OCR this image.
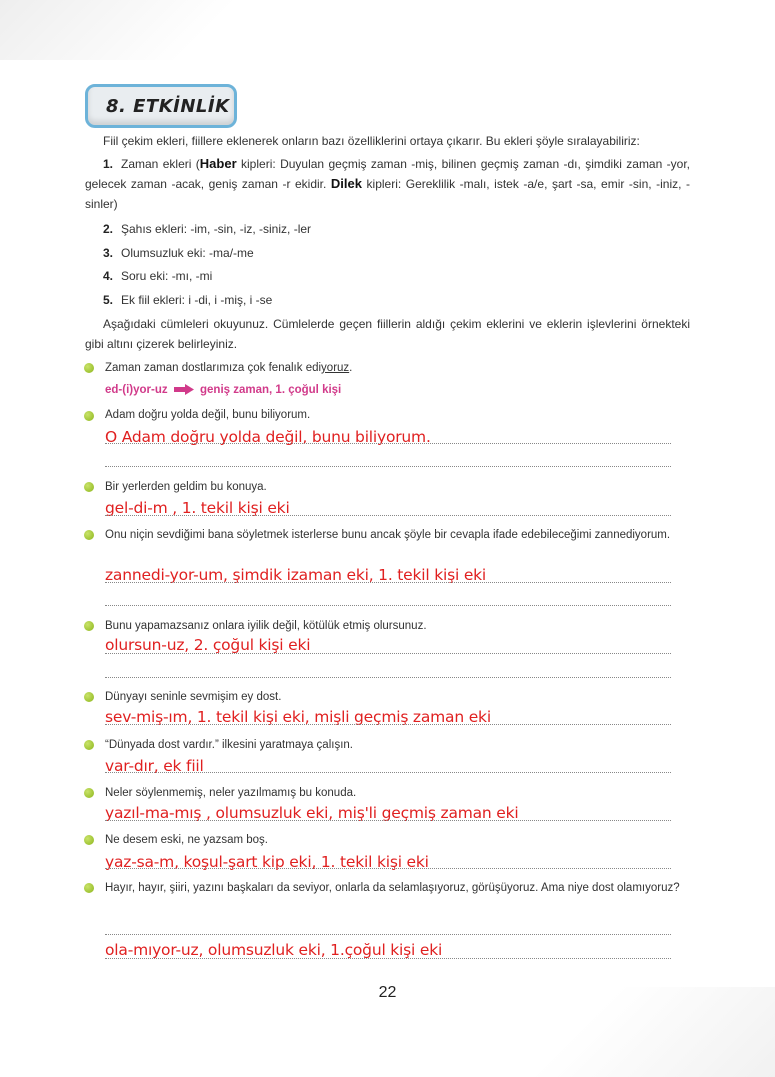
8. ETKİNLİK
Fiil çekim ekleri, fiillere eklenerek onların bazı özelliklerini ortaya çıkarır. Bu ekleri şöyle sıralayabiliriz:
1. Zaman ekleri (Haber kipleri: Duyulan geçmiş zaman -miş, bilinen geçmiş zaman -dı, şimdiki zaman -yor, gelecek zaman -acak, geniş zaman -r ekidir. Dilek kipleri: Gereklilik -malı, istek -a/e, şart -sa, emir -sin, -iniz, -sinler)
2. Şahıs ekleri: -im, -sin, -iz, -siniz, -ler
3. Olumsuzluk eki: -ma/-me
4. Soru eki: -mı, -mi
5. Ek fiil ekleri: i -di, i -miş, i -se
Aşağıdaki cümleleri okuyunuz. Cümlelerde geçen fiillerin aldığı çekim eklerini ve eklerin işlevlerini örnekteki gibi altını çizerek belirleyiniz.
Zaman zaman dostlarımıza çok fenalık ediyoruz.
ed-(i)yor-uz	geniş zaman, 1. çoğul kişi
Adam doğru yolda değil, bunu biliyorum.
O Adam doğru yolda değil, bunu biliyorum.
Bir yerlerden geldim bu konuya.
gel-di-m , 1. tekil kişi eki
Onu niçin sevdiğimi bana söyletmek isterlerse bunu ancak şöyle bir cevapla ifade edebileceğimi zannediyorum.
zannedi-yor-um, şimdik izaman eki, 1. tekil kişi eki
Bunu yapamazsanız onlara iyilik değil, kötülük etmiş olursunuz.
olursun-uz, 2. çoğul kişi eki
Dünyayı seninle sevmişim ey dost.
sev-miş-ım, 1. tekil kişi eki, mişli geçmiş zaman eki
“Dünyada dost vardır.” ilkesini yaratmaya çalışın.
var-dır, ek fiil
Neler söylenmemiş, neler yazılmamış bu konuda.
yazıl-ma-mış , olumsuzluk eki, miş'li geçmiş zaman eki
Ne desem eski, ne yazsam boş.
yaz-sa-m, koşul-şart kip eki, 1. tekil kişi eki
Hayır, hayır, şiiri, yazını başkaları da seviyor, onlarla da selamlaşıyoruz, görüşüyoruz. Ama niye dost olamıyoruz?
ola-mıyor-uz, olumsuzluk eki, 1.çoğul kişi eki
22
